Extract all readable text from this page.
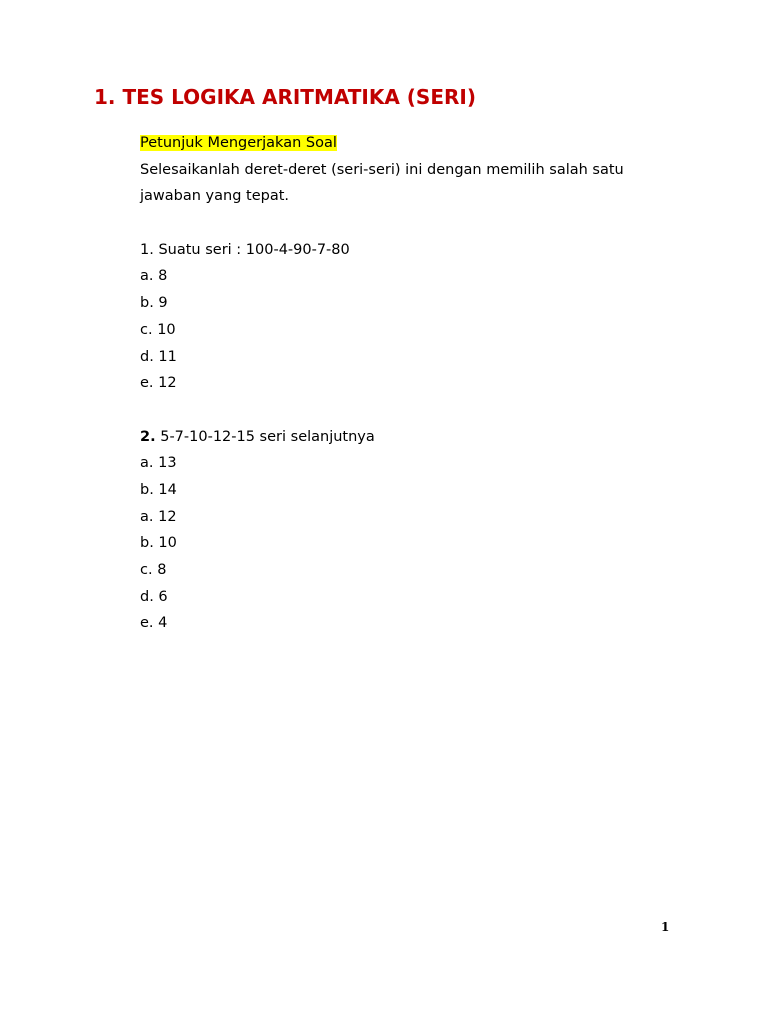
1. TES LOGIKA ARITMATIKA (SERI)
Petunjuk Mengerjakan Soal
Selesaikanlah deret-deret (seri-seri) ini dengan memilih salah satu
jawaban yang tepat.
1. Suatu seri : 100-4-90-7-80
a. 8
b. 9
c. 10
d. 11
e. 12
2. 5-7-10-12-15 seri selanjutnya
a. 13
b. 14
a. 12
b. 10
c. 8
d. 6
e. 4
1
